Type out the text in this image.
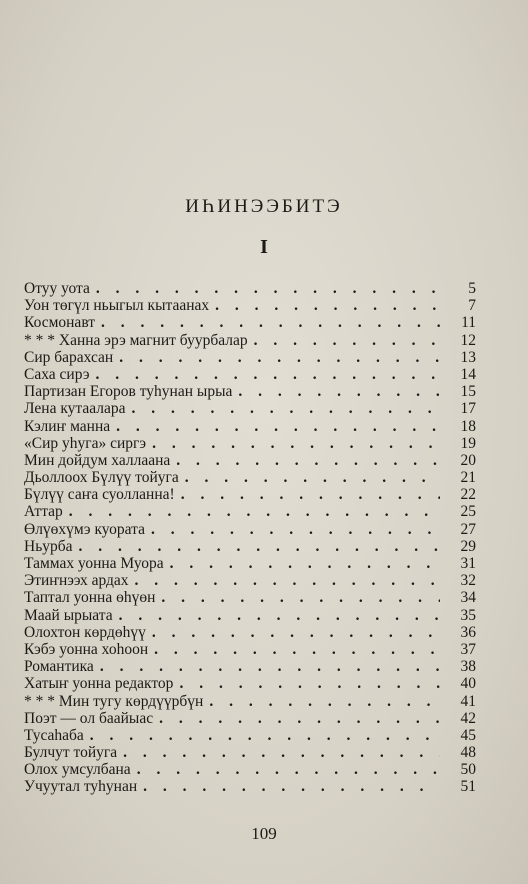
ИҺИНЭЭБИТЭ
I
Отуу уота . . .	5
Уон төгүл ньыгыл кытаанах . . .	7
Космонавт . . .	11
* * * Ханна эрэ магнит буурбалар . . .	12
Сир барахсан . . .	13
Саха сирэ . . .	14
Партизан Егоров туһунан ырыа . . .	15
Лена кутаалара . . .	17
Кэлиҥ манна . . .	18
«Сир уһуга» сиргэ . . .	19
Мин дойдум халлаана . . .	20
Дьоллоох Бүлүү тойуга . . .	21
Бүлүү саҥа суолланна! . . .	22
Аттар . . .	25
Өлүөхүмэ куората . . .	27
Ньурба . . .	29
Таммах уонна Муора . . .	31
Этиҥнээх ардах . . .	32
Таптал уонна өһүөн . . .	34
Маай ырыата . . .	35
Олохтон көрдөһүү . . .	36
Кэбэ уонна хоһоон . . .	37
Романтика . . .	38
Хатыҥ уонна редактор . . .	40
* * * Мин тугу көрдүүрбүн . . .	41
Поэт — ол баайыас . . .	42
Тусаһаба . . .	45
Булчут тойуга . . .	48
Олох умсулбана . . .	50
Учуутал туһунан . . .	51
109
